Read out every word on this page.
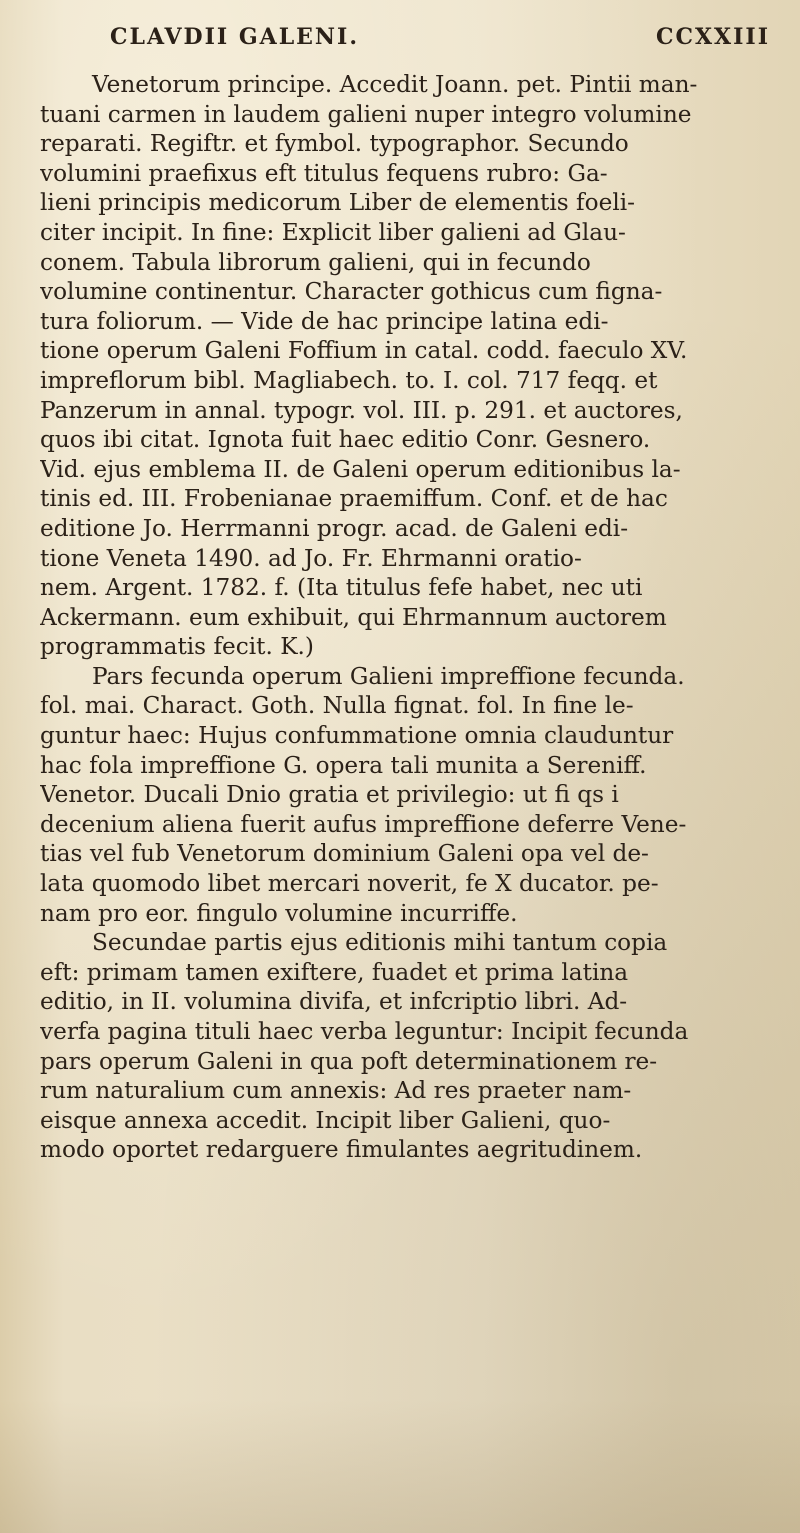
CLAVDII GALENI.	CCXXIII
Venetorum principe. Accedit Joann. pet. Pintii man-
tuani carmen in laudem galieni nuper integro volumine
reparati. Regiftr. et fymbol. typographor. Secundo
volumini praefixus eft titulus fequens rubro: Ga-
lieni principis medicorum Liber de elementis foeli-
citer incipit. In fine: Explicit liber galieni ad Glau-
conem. Tabula librorum galieni, qui in fecundo
volumine continentur. Character gothicus cum figna-
tura foliorum. — Vide de hac principe latina edi-
tione operum Galeni Foffium in catal. codd. faeculo XV.
impreflorum bibl. Magliabech. to. I. col. 717 feqq. et
Panzerum in annal. typogr. vol. III. p. 291. et auctores,
quos ibi citat. Ignota fuit haec editio Conr. Gesnero.
Vid. ejus emblema II. de Galeni operum editionibus la-
tinis ed. III. Frobenianae praemiffum. Conf. et de hac
editione Jo. Herrmanni progr. acad. de Galeni edi-
tione Veneta 1490. ad Jo. Fr. Ehrmanni oratio-
nem. Argent. 1782. f. (Ita titulus fefe habet, nec uti
Ackermann. eum exhibuit, qui Ehrmannum auctorem
programmatis fecit. K.)
Pars fecunda operum Galieni impreffione fecunda.
fol. mai. Charact. Goth. Nulla fignat. fol. In fine le-
guntur haec: Hujus confummatione omnia clauduntur
hac fola impreffione G. opera tali munita a Sereniff.
Venetor. Ducali Dnio gratia et privilegio: ut fi qs i
decenium aliena fuerit aufus impreffione deferre Vene-
tias vel fub Venetorum dominium Galeni opa vel de-
lata quomodo libet mercari noverit, fe X ducator. pe-
nam pro eor. fingulo volumine incurriffe.
Secundae partis ejus editionis mihi tantum copia
eft: primam tamen exiftere, fuadet et prima latina
editio, in II. volumina divifa, et infcriptio libri. Ad-
verfa pagina tituli haec verba leguntur: Incipit fecunda
pars operum Galeni in qua poft determinationem re-
rum naturalium cum annexis: Ad res praeter nam-
eisque annexa accedit. Incipit liber Galieni, quo-
modo oportet redarguere fimulantes aegritudinem.
